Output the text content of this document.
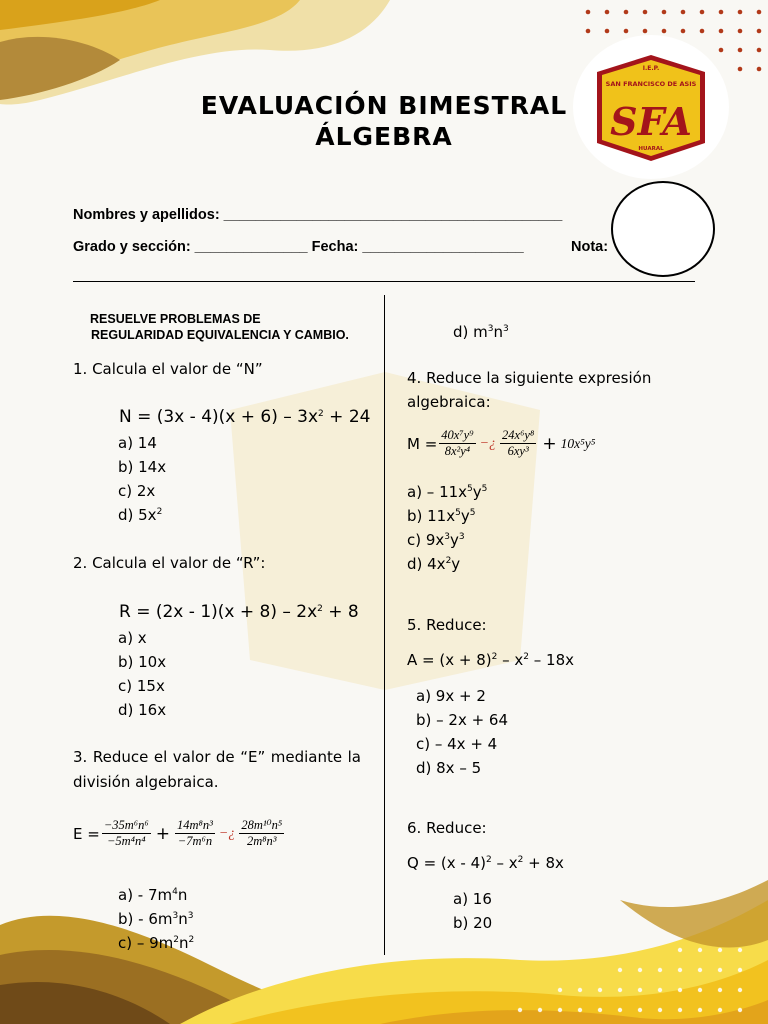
I.E.P.
SAN FRANCISCO DE ASIS
SFA
HUARAL
EVALUACIÓN BIMESTRAL
ÁLGEBRA
Nombres y apellidos: __________________________________________
Grado y sección: ______________ Fecha: ____________________	Nota:
RESUELVE PROBLEMAS DE
REGULARIDAD EQUIVALENCIA Y CAMBIO.
1. Calcula el valor de “N”
$N = (3x - 4)(x + 6) - 3x^2 + 24$
a) 14
b) 14x
c) 2x
d) $5x^2$
2. Calcula el valor de “R”:
$R = (2x - 1)(x + 8) - 2x^2 + 8$
a) x
b) 10x
c) 15x
d) 16x
3. Reduce el valor de “E” mediante la
división algebraica.
$E = \frac{\text{−35m⁶n⁶}}{\text{−5m⁴n⁴}} + \frac{\text{14m⁸n³}}{\text{−7m⁶n}}$ −¿ $\frac{\text{28m¹⁰n⁵}}{\text{2m⁸n³}}$
$a) - 7m^4n$
$b) - 6m^3n^3$
$c) - 9m^2n^2$
d) $m^3n^3$
4. Reduce la siguiente expresión
algebraica:
$M = \frac{\text{40x⁷y⁹}}{\text{8x²y⁴}}$ −¿ $\frac{\text{24x⁶y⁸}}{\text{6xy³}} + 10x^5y^5$
$a) - 11x^5y^5$
b) $11x^5y^5$
c) $9x^3y^3$
d) $4x^2y$
5. Reduce:
$A = (x + 8)^2 - x^2 - 18x$
a) 9x + 2
b) – 2x + 64
c) – 4x + 4
d) 8x – 5
6. Reduce:
$Q = (x - 4)^2 - x^2 + 8x$
a) 16
b) 20
